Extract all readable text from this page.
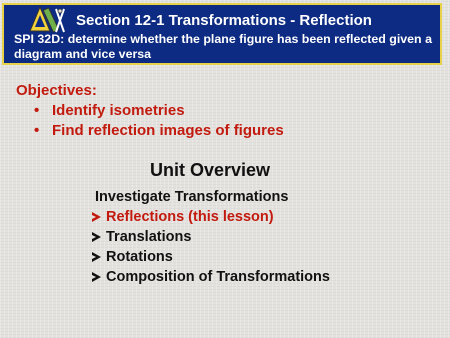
Section 12-1 Transformations - Reflection
SPI 32D: determine whether the plane figure has been reflected given a diagram and vice versa
Objectives:
• Identify isometries
• Find reflection images of figures
Unit Overview
Investigate Transformations
Reflections (this lesson)
Translations
Rotations
Composition of Transformations
